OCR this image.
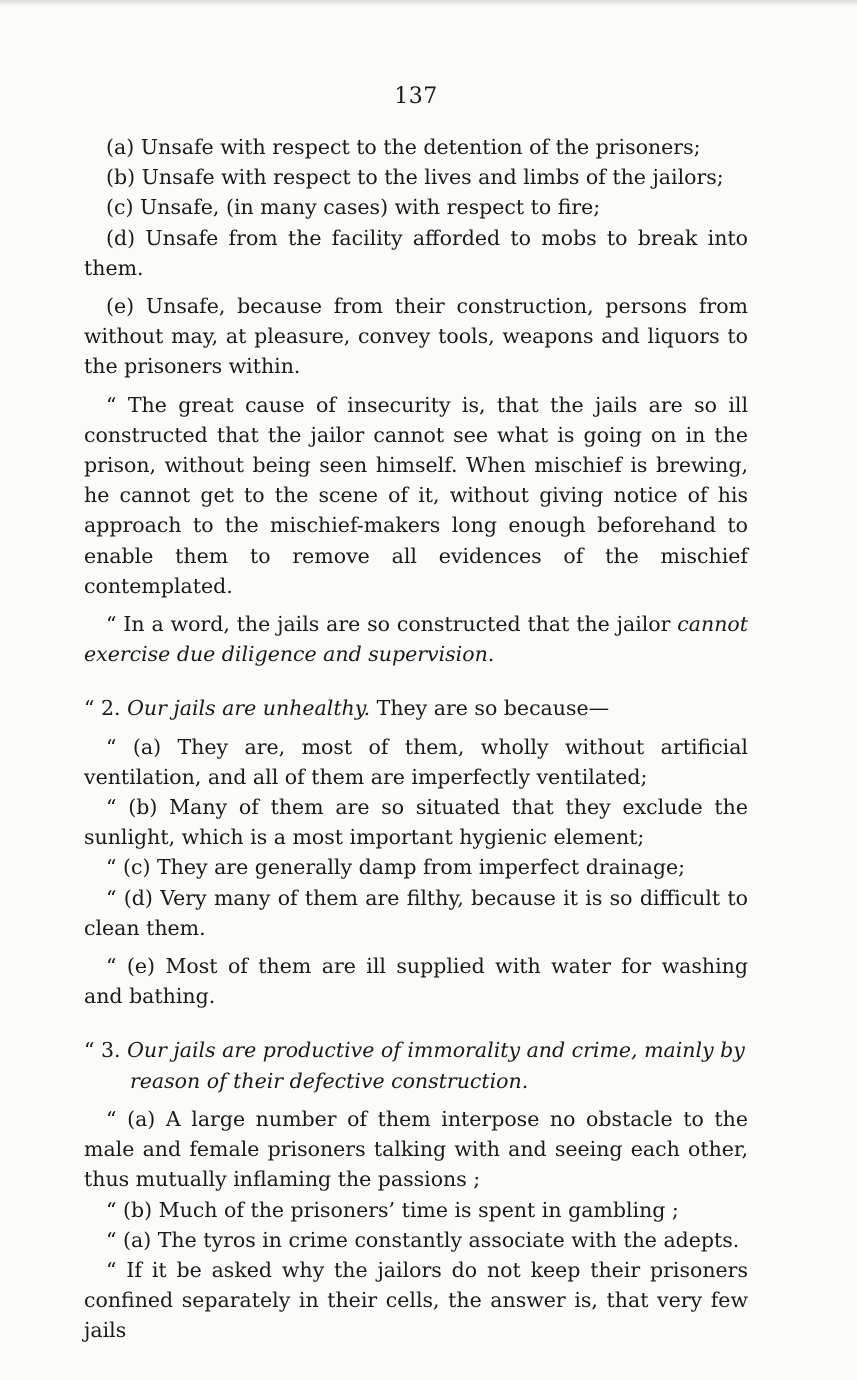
137

(a) Unsafe with respect to the detention of the prisoners;

(b) Unsafe with respect to the lives and limbs of the jailors;

(c) Unsafe, (in many cases) with respect to fire;

(d) Unsafe from the facility afforded to mobs to break into them.

(e) Unsafe, because from their construction, persons from without may, at pleasure, convey tools, weapons and liquors to the prisoners within.

“ The great cause of insecurity is, that the jails are so ill constructed that the jailor cannot see what is going on in the prison, without being seen himself. When mischief is brewing, he cannot get to the scene of it, without giving notice of his approach to the mischief-makers long enough beforehand to enable them to remove all evidences of the mischief contemplated.

“ In a word, the jails are so constructed that the jailor cannot exercise due diligence and supervision.

“ 2. Our jails are unhealthy. They are so because—

“ (a) They are, most of them, wholly without artificial ventilation, and all of them are imperfectly ventilated;

“ (b) Many of them are so situated that they exclude the sunlight, which is a most important hygienic element;

“ (c) They are generally damp from imperfect drainage;

“ (d) Very many of them are filthy, because it is so difficult to clean them.

“ (e) Most of them are ill supplied with water for washing and bathing.

“ 3. Our jails are productive of immorality and crime, mainly by reason of their defective construction.

“ (a) A large number of them interpose no obstacle to the male and female prisoners talking with and seeing each other, thus mutually inflaming the passions ;

“ (b) Much of the prisoners’ time is spent in gambling ;

“ (a) The tyros in crime constantly associate with the adepts.

“ If it be asked why the jailors do not keep their prisoners confined separately in their cells, the answer is, that very few jails
